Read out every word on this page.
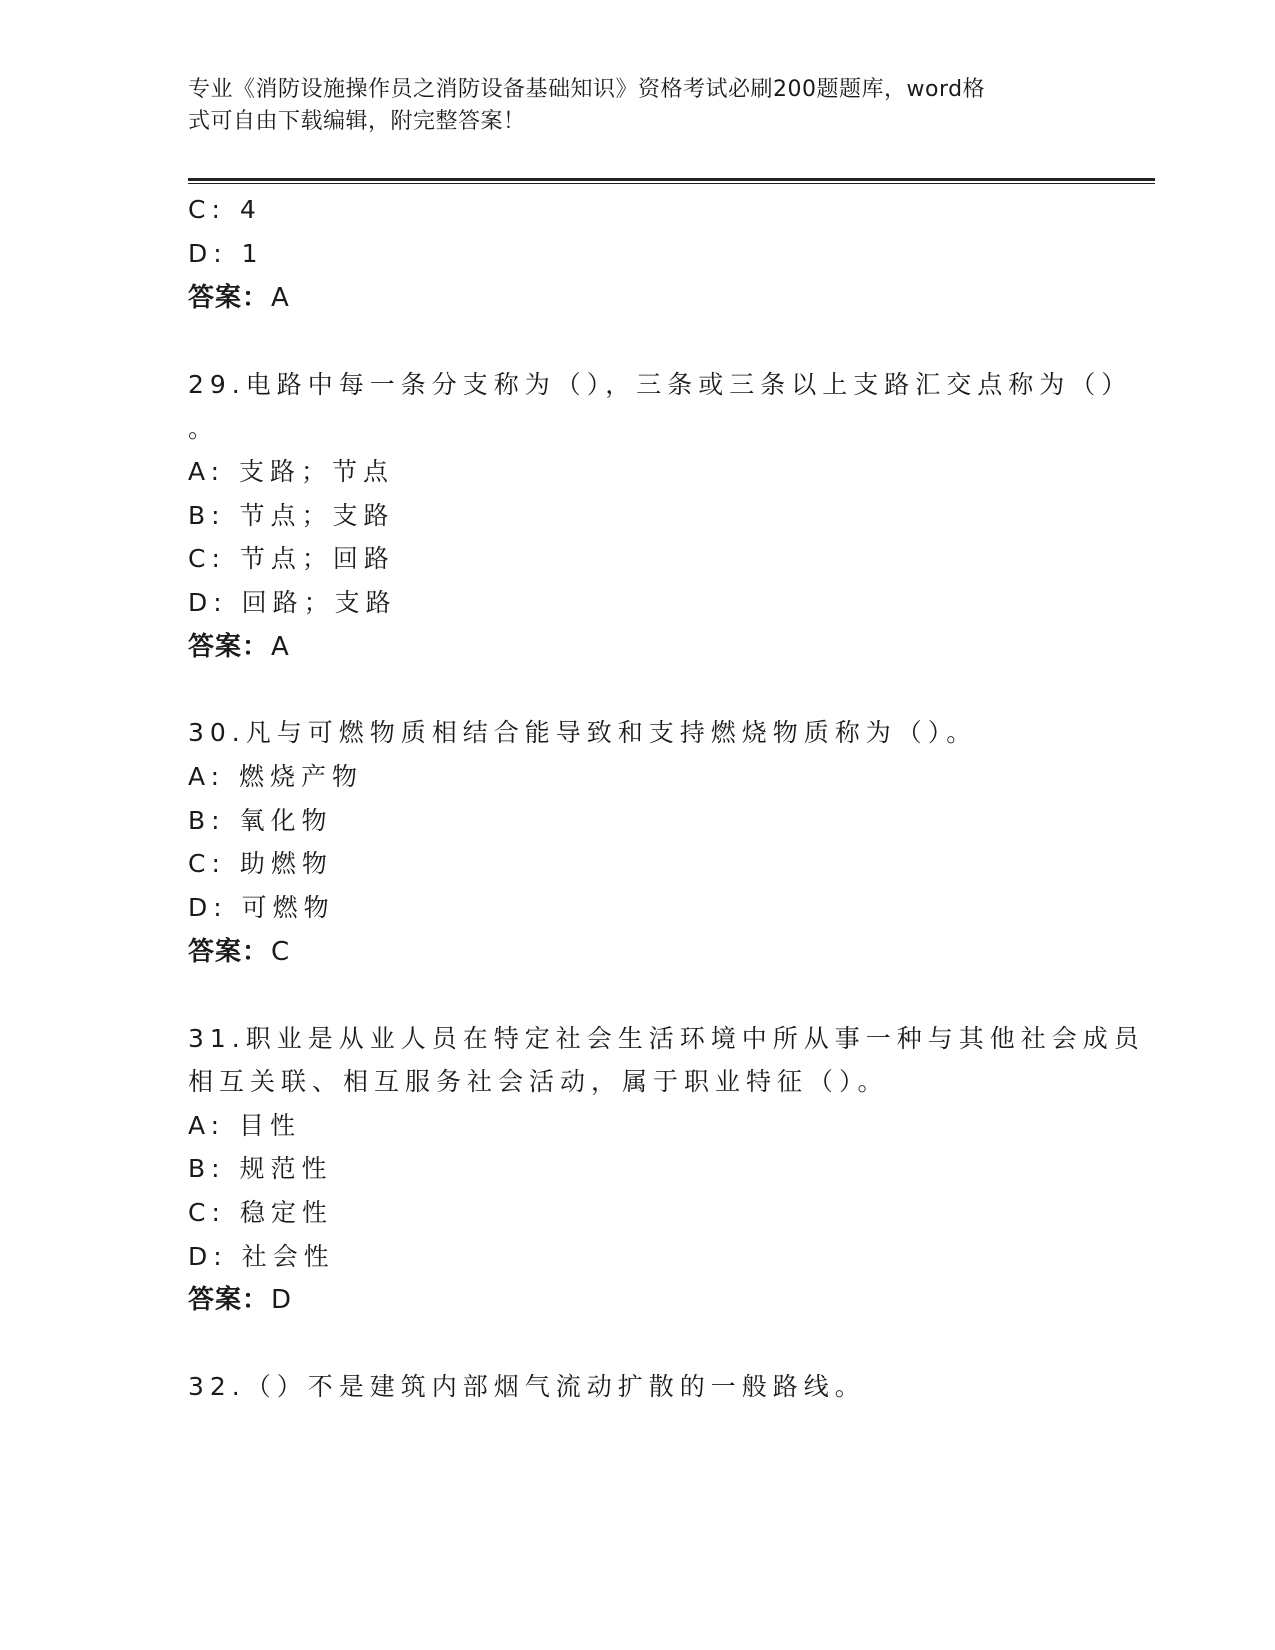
专业《消防设施操作员之消防设备基础知识》资格考试必刷200题题库，word格
式可自由下载编辑，附完整答案！
C: 4
D: 1
答案：A
29.电路中每一条分支称为（），三条或三条以上支路汇交点称为（）
。
A: 支路；节点
B: 节点；支路
C: 节点；回路
D: 回路；支路
答案：A
30.凡与可燃物质相结合能导致和支持燃烧物质称为（）。
A: 燃烧产物
B: 氧化物
C: 助燃物
D: 可燃物
答案：C
31.职业是从业人员在特定社会生活环境中所从事一种与其他社会成员
相互关联、相互服务社会活动，属于职业特征（）。
A: 目性
B: 规范性
C: 稳定性
D: 社会性
答案：D
32.（）不是建筑内部烟气流动扩散的一般路线。
